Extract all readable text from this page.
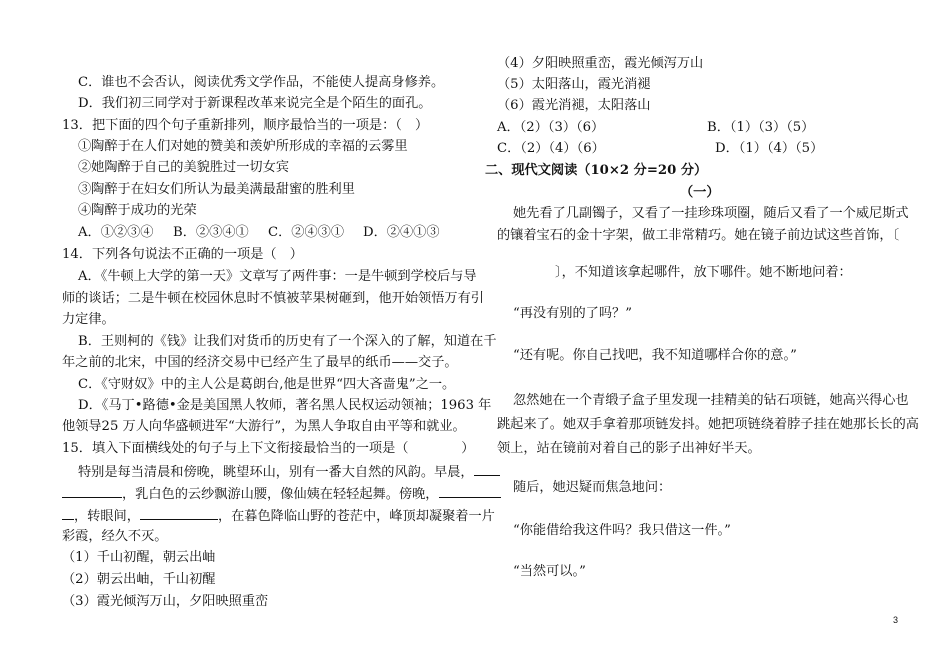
C．谁也不会否认，阅读优秀文学作品，不能使人提高身修养。
D．我们初三同学对于新课程改革来说完全是个陌生的面孔。
13．把下面的四个句子重新排列，顺序最恰当的一项是：（　）
①陶醉于在人们对她的赞美和羡妒所形成的幸福的云雾里
②她陶醉于自己的美貌胜过一切女宾
③陶醉于在妇女们所认为最美满最甜蜜的胜利里
④陶醉于成功的光荣
A．①②③④ B．②③④① C．②④③① D．②④①③
14．下列各句说法不正确的一项是（　）
A．《牛顿上大学的第一天》文章写了两件事：一是牛顿到学校后与导
师的谈话；二是牛顿在校园休息时不慎被苹果树砸到，他开始领悟万有引
力定律。
B．王则柯的《钱》让我们对货币的历史有了一个深入的了解，知道在千
年之前的北宋，中国的经济交易中已经产生了最早的纸币——交子。
C．《守财奴》中的主人公是葛朗台,他是世界“四大吝啬鬼”之一。
D．《马丁•路德•金是美国黑人牧师，著名黑人民权运动领袖；1963 年
他领导25 万人向华盛顿进军“大游行”，为黑人争取自由平等和就业。
15．填入下面横线处的句子与上下文衔接最恰当的一项是（　　　　）
特别是每当清晨和傍晚，眺望环山，别有一番大自然的风韵。早晨，
，乳白色的云纱飘游山腰，像仙姨在轻轻起舞。傍晚，
，转眼间，	，在暮色降临山野的苍茫中，峰顶却凝聚着一片
彩霞，经久不灭。
（1）千山初醒，朝云出岫
（2）朝云出岫，千山初醒
（3）霞光倾泻万山，夕阳映照重峦
（4）夕阳映照重峦，霞光倾泻万山
（5）太阳落山，霞光消褪
（6）霞光消褪，太阳落山
A．（2）（3）（6）	B．（1）（3）（5）
C．（2）（4）（6）	D．（1）（4）（5）
二、现代文阅读（10×2 分=20 分）
（一）
她先看了几副镯子，又看了一挂珍珠项圈，随后又看了一个威尼斯式
的镶着宝石的金十字架，做工非常精巧。她在镜子前边试这些首饰，〔
〕，不知道该拿起哪件，放下哪件。她不断地问着：
“再没有别的了吗？”
“还有呢。你自己找吧，我不知道哪样合你的意。”
忽然她在一个青缎子盒子里发现一挂精美的钻石项链，她高兴得心也
跳起来了。她双手拿着那项链发抖。她把项链绕着脖子挂在她那长长的高
领上，站在镜前对着自己的影子出神好半天。
随后，她迟疑而焦急地问：
“你能借给我这件吗？我只借这一件。”
“当然可以。”
3
